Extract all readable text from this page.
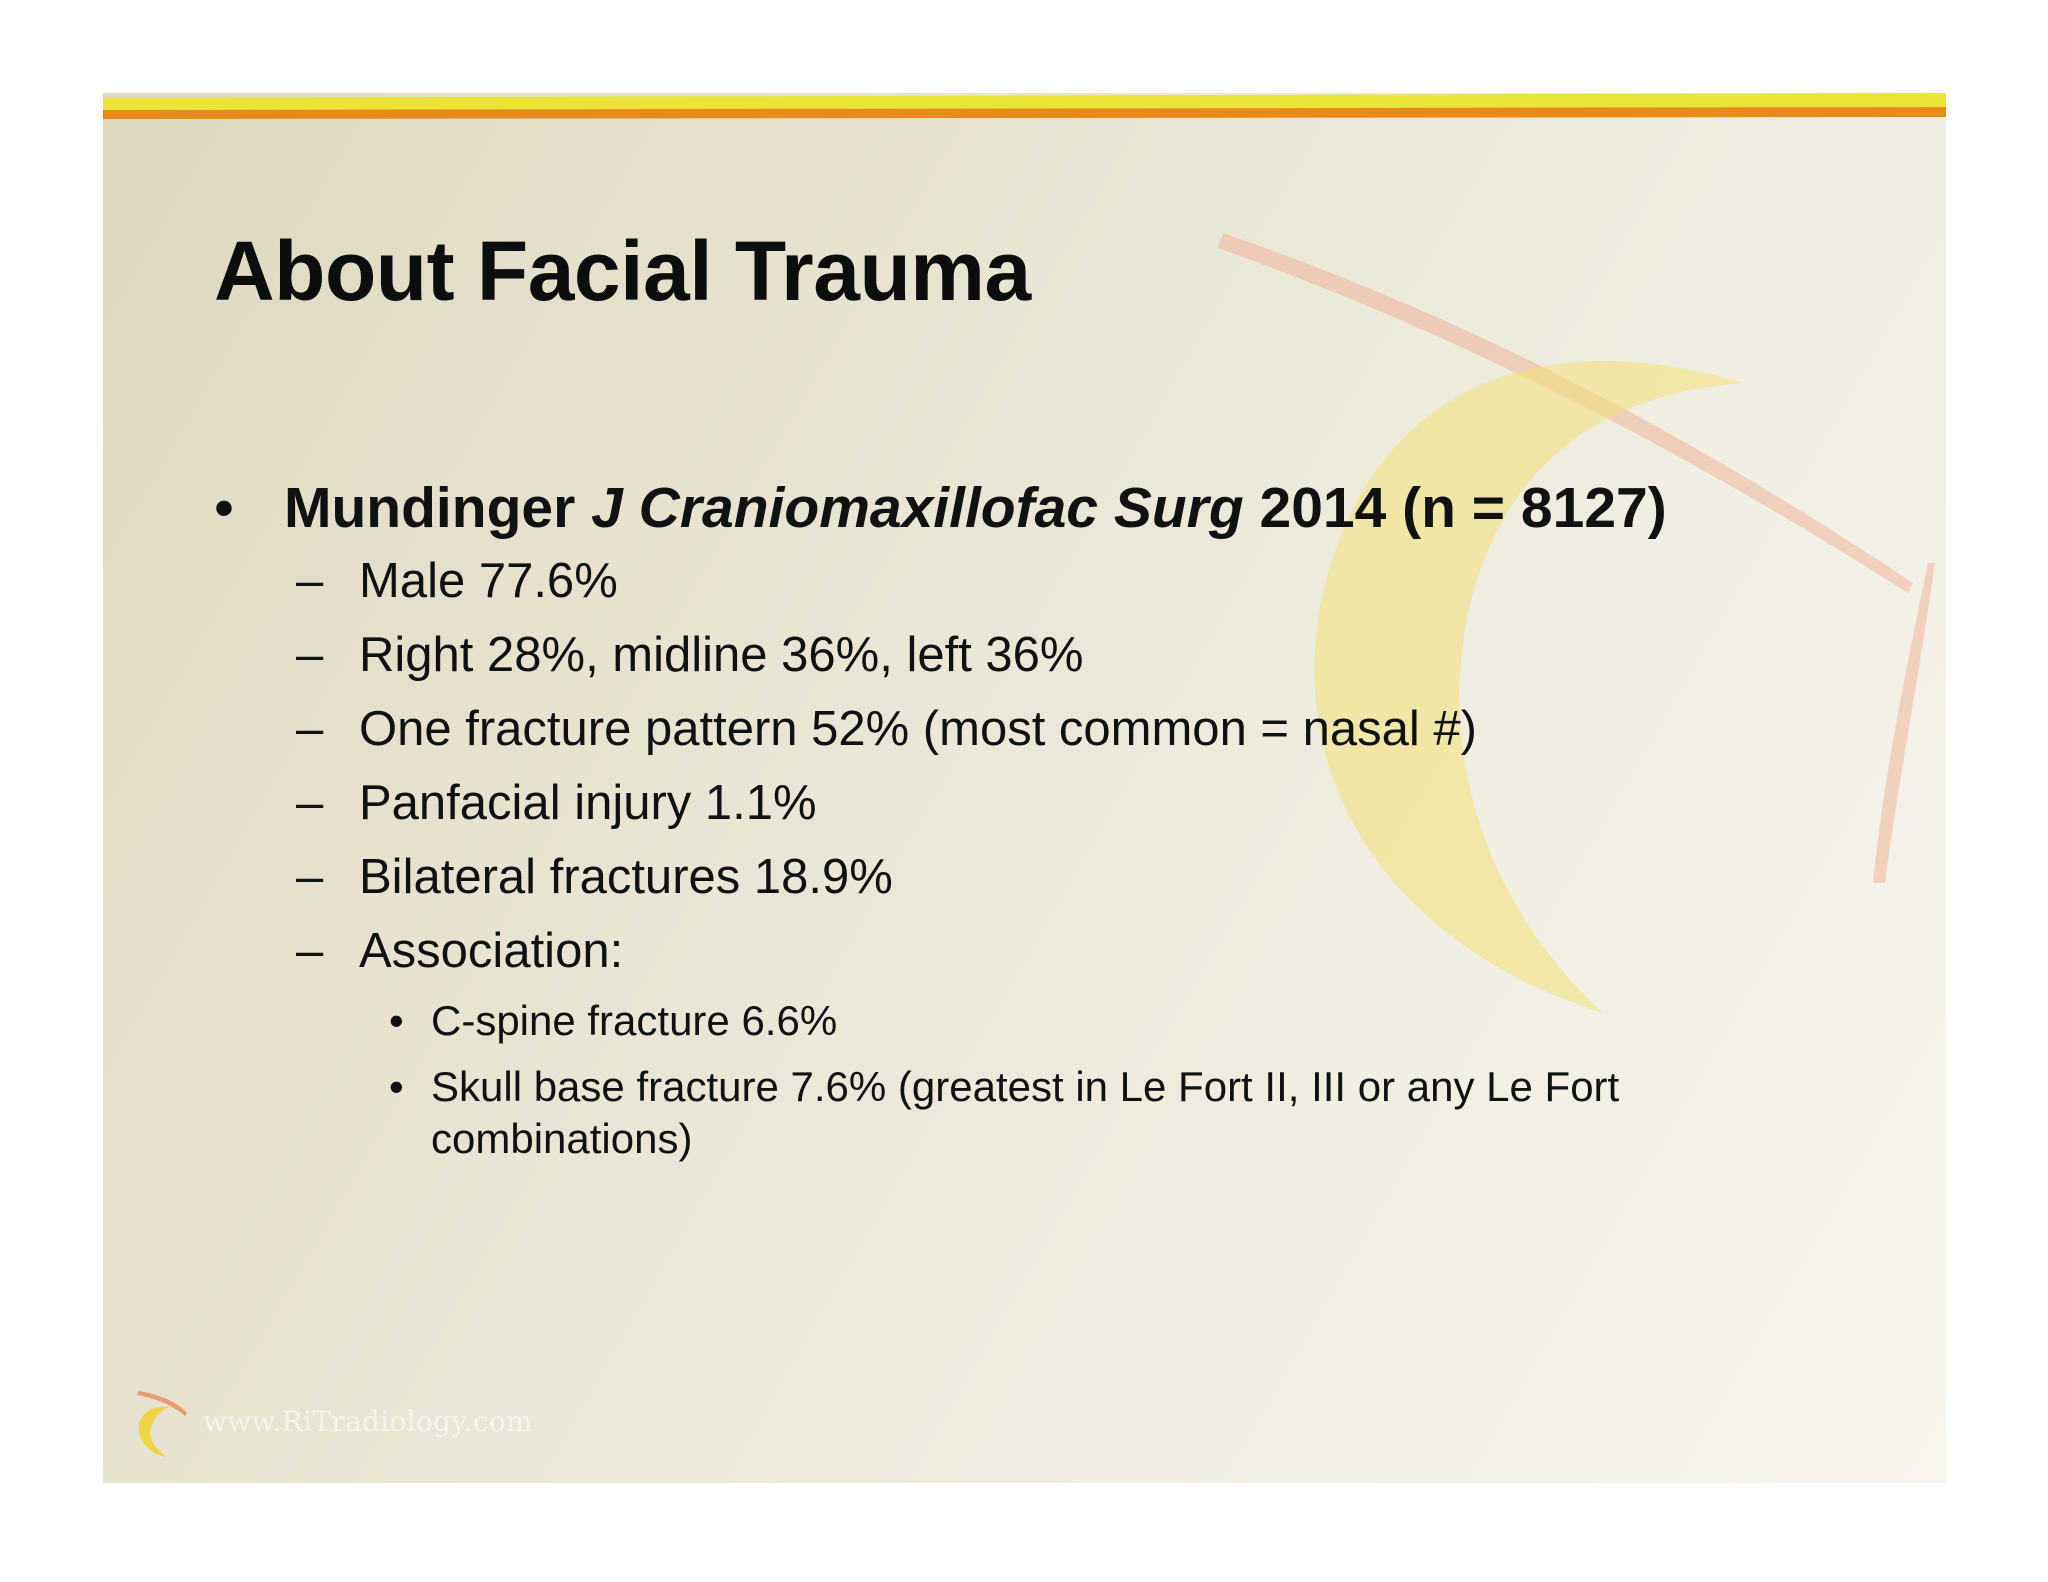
About Facial Trauma
• Mundinger J Craniomaxillofac Surg 2014 (n = 8127)
– Male 77.6%
– Right 28%, midline 36%, left 36%
– One fracture pattern 52% (most common = nasal #)
– Panfacial injury 1.1%
– Bilateral fractures 18.9%
– Association:
• C-spine fracture 6.6%
• Skull base fracture 7.6% (greatest in Le Fort II, III or any Le Fort combinations)
www.RiTradiology.com
